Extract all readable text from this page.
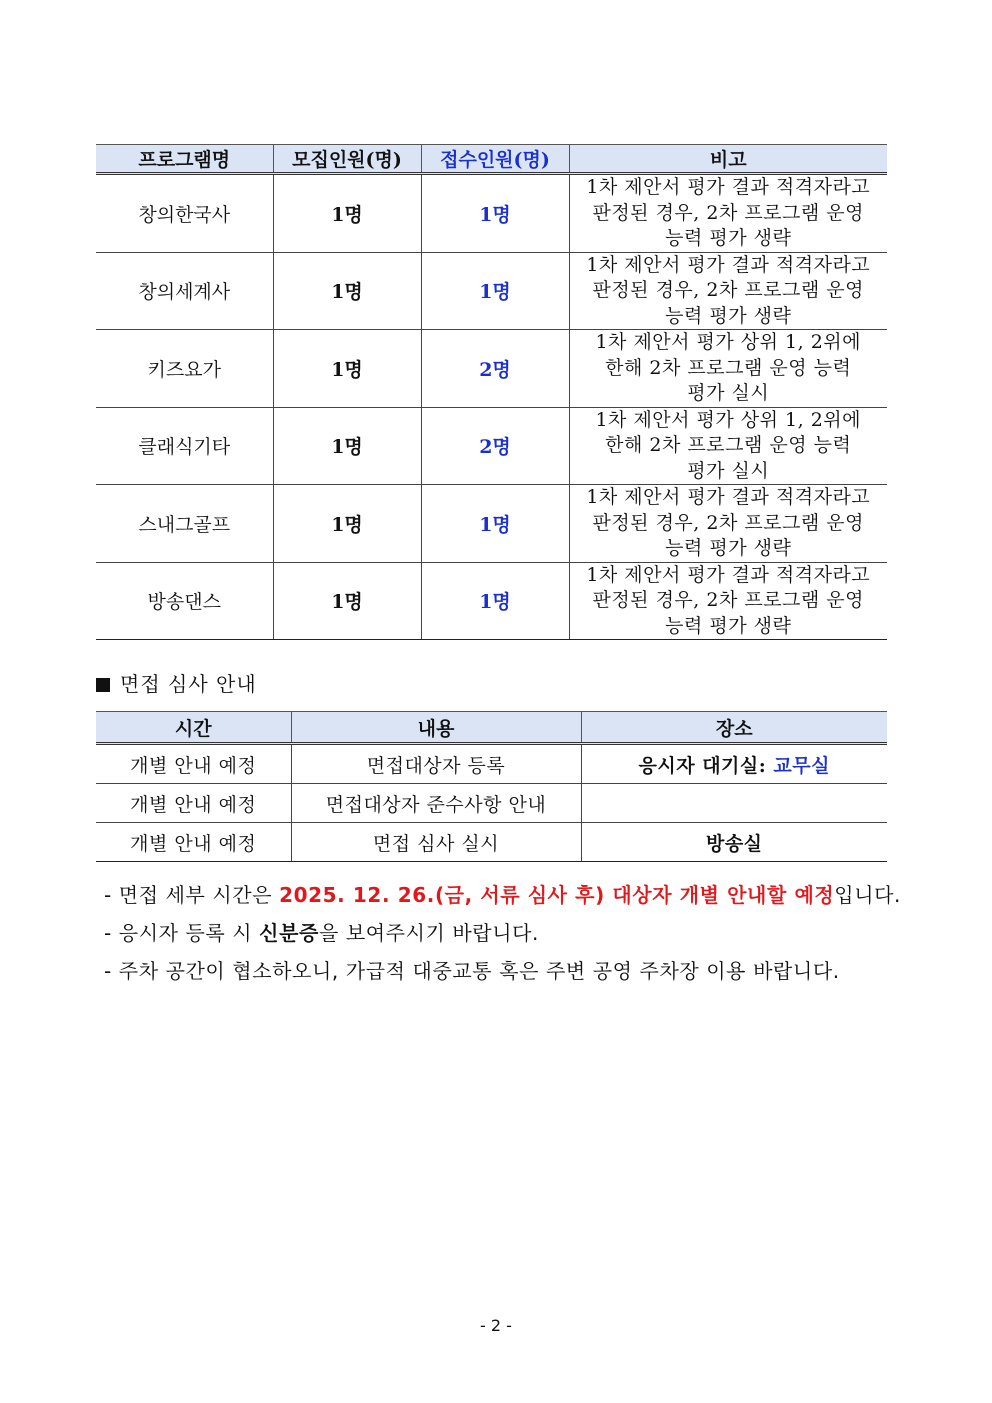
프로그램명	모집인원(명)	접수인원(명)	비고
창의한국사	1명	1명	1차 제안서 평가 결과 적격자라고
판정된 경우, 2차 프로그램 운영
능력 평가 생략

창의세계사	1명	1명	1차 제안서 평가 결과 적격자라고
판정된 경우, 2차 프로그램 운영
능력 평가 생략

키즈요가	1명	2명	1차 제안서 평가 상위 1, 2위에
한해 2차 프로그램 운영 능력
평가 실시

클래식기타	1명	2명	1차 제안서 평가 상위 1, 2위에
한해 2차 프로그램 운영 능력
평가 실시

스내그골프	1명	1명	1차 제안서 평가 결과 적격자라고
판정된 경우, 2차 프로그램 운영
능력 평가 생략

방송댄스	1명	1명	1차 제안서 평가 결과 적격자라고
판정된 경우, 2차 프로그램 운영
능력 평가 생략
면접 심사 안내
시간	내용	장소
개별 안내 예정	면접대상자 등록	응시자 대기실: 교무실
개별 안내 예정	면접대상자 준수사항 안내	
개별 안내 예정	면접 심사 실시	방송실
- 면접 세부 시간은 2025. 12. 26.(금, 서류 심사 후) 대상자 개별 안내할 예정입니다.
- 응시자 등록 시 신분증을 보여주시기 바랍니다.
- 주차 공간이 협소하오니, 가급적 대중교통 혹은 주변 공영 주차장 이용 바랍니다.
- 2 -
